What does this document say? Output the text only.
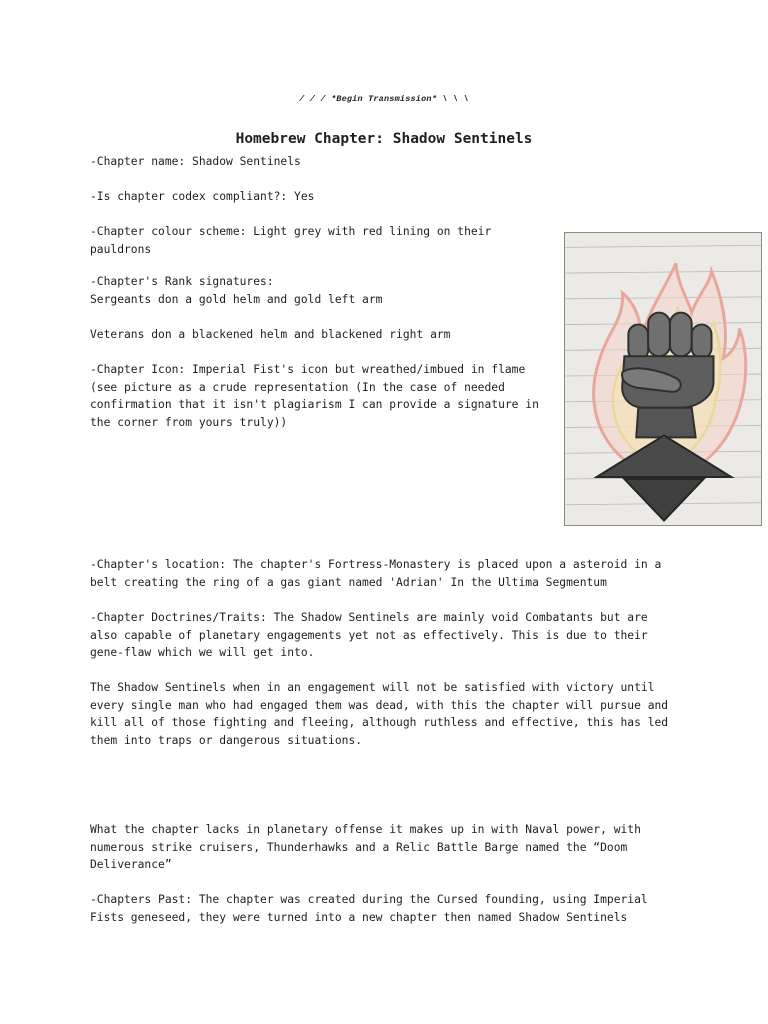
/ / / *Begin Transmission* \ \ \
Homebrew Chapter: Shadow Sentinels

-Chapter name: Shadow Sentinels

-Is chapter codex compliant?: Yes

-Chapter colour scheme: Light grey with red lining on their pauldrons

-Chapter's Rank signatures:

Sergeants don a gold helm and gold left arm

Veterans don a blackened helm and blackened right arm

-Chapter Icon: Imperial Fist's icon but wreathed/imbued in flame (see picture as a crude representation (In the case of needed confirmation that it isn't plagiarism I can provide a signature in the corner from yours truly))

-Chapter's location: The chapter's Fortress-Monastery is placed upon a asteroid in a belt creating the ring of a gas giant named 'Adrian' In the Ultima Segmentum

-Chapter Doctrines/Traits: The Shadow Sentinels are mainly void Combatants but are also capable of planetary engagements yet not as effectively. This is due to their gene-flaw which we will get into.

The Shadow Sentinels when in an engagement will not be satisfied with victory until every single man who had engaged them was dead, with this the chapter will pursue and kill all of those fighting and fleeing, although ruthless and effective, this has led them into traps or dangerous situations.

What the chapter lacks in planetary offense it makes up in with Naval power, with numerous strike cruisers, Thunderhawks and a Relic Battle Barge named the “Doom Deliverance”

-Chapters Past: The chapter was created during the Cursed founding, using Imperial Fists geneseed, they were turned into a new chapter then named Shadow Sentinels
